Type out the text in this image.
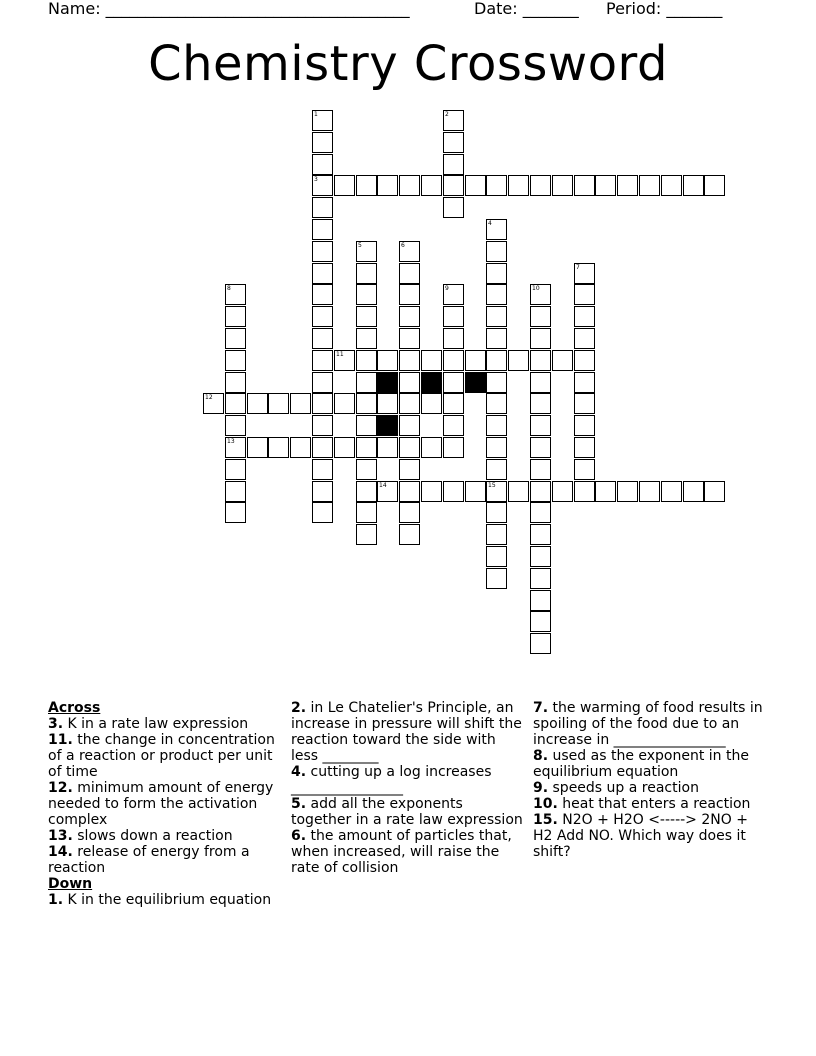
Name: ______________________________________	Date: _______ Period: _______
Chemistry Crossword
1
3
2
4
15
5	6
7
8
13
9	10
11
12
14
Across
3. K in a rate law expression
11. the change in concentration of a reaction or product per unit of time
12. minimum amount of energy needed to form the activation complex
13. slows down a reaction
14. release of energy from a reaction
Down
1. K in the equilibrium equation
2. in Le Chatelier's Principle, an increase in pressure will shift the reaction toward the side with less ________
4. cutting up a log increases ________________
5. add all the exponents together in a rate law expression
6. the amount of particles that, when increased, will raise the rate of collision
7. the warming of food results in spoiling of the food due to an increase in ________________
8. used as the exponent in the equilibrium equation
9. speeds up a reaction
10. heat that enters a reaction
15. N2O + H2O <-----> 2NO + H2 Add NO. Which way does it shift?
